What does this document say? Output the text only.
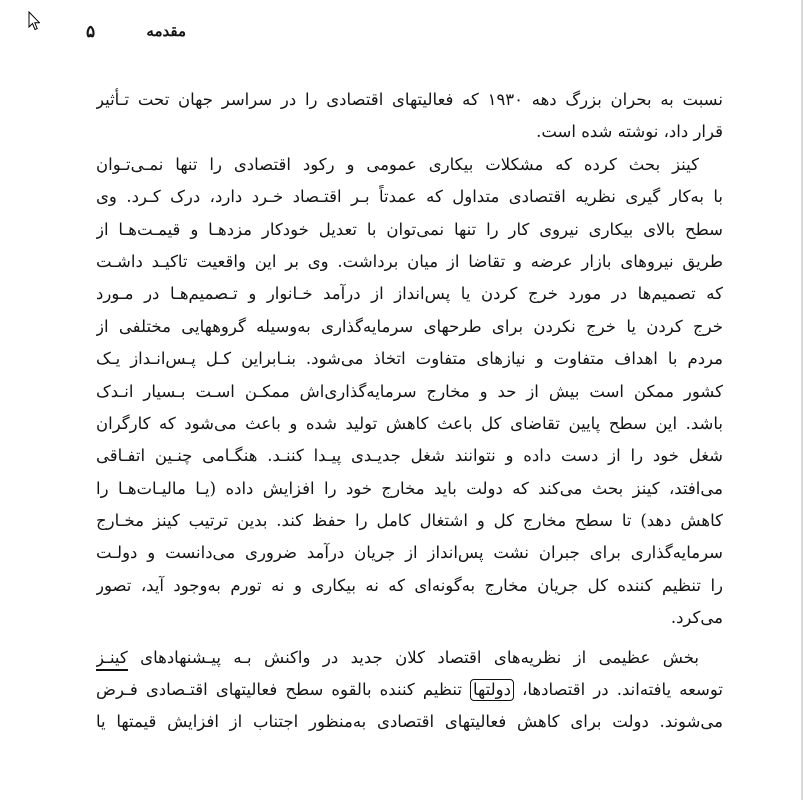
۵	مقدمه
نسبت به بحران بزرگ دهه ۱۹۳۰ که فعالیتهای اقتصادی را در سراسر جهان تحت تـأثیر
قرار داد، نوشته شده است.
کینز بحث کرده که مشکلات بیکاری عمومی و رکود اقتصادی را تنها نمـی‌تـوان
با به‌کار گیری نظریه اقتصادی متداول که عمدتاً بـر اقتـصاد خـرد دارد، درک کـرد. وی
سطح بالای بیکاری نیروی کار را تنها نمی‌توان با تعدیل خودکار مزدهـا و قیمـت‌هـا از
طریق نیروهای بازار عرضه و تقاضا از میان برداشت. وی بر این واقعیت تاکیـد داشـت
که تصمیم‌ها در مورد خرج کردن یا پس‌انداز از درآمد خـانوار و تـصمیم‌هـا در مـورد
خرج کردن یا خرج نکردن برای طرحهای سرمایه‌گذاری به‌وسیله گروههایی مختلفی از
مردم با اهداف متفاوت و نیازهای متفاوت اتخاذ می‌شود. بنـابراین کـل پـس‌انـداز یـک
کشور ممکن است بیش از حد و مخارج سرمایه‌گذاری‌اش ممکـن اسـت بـسیار انـدک
باشد. این سطح پایین تقاضای کل باعث کاهش تولید شده و باعث می‌شود که کارگران
شغل خود را از دست داده و نتوانند شغل جدیـدی پیـدا کننـد. هنگـامی چنـین اتفـاقی
می‌افتد، کینز بحث می‌کند که دولت باید مخارج خود را افزایش داده (یـا مالیـات‌هـا را
کاهش دهد) تا سطح مخارج کل و اشتغال کامل را حفظ کند. بدین ترتیب کینز مخـارج
سرمایه‌گذاری برای جبران نشت پس‌انداز از جریان درآمد ضروری می‌دانست و دولـت
را تنظیم کننده کل جریان مخارج به‌گونه‌ای که نه بیکاری و نه تورم به‌وجود آید، تصور
می‌کرد.
بخش عظیمی از نظریه‌های اقتصاد کلان جدید در واکنش بـه پیـشنهادهای کینـز
توسعه یافته‌اند. در اقتصادها، دولتها تنظیم کننده بالقوه سطح فعالیتهای اقتـصادی فـرض
می‌شوند. دولت برای کاهش فعالیتهای اقتصادی به‌منظور اجتناب از افزایش قیمتها یا
